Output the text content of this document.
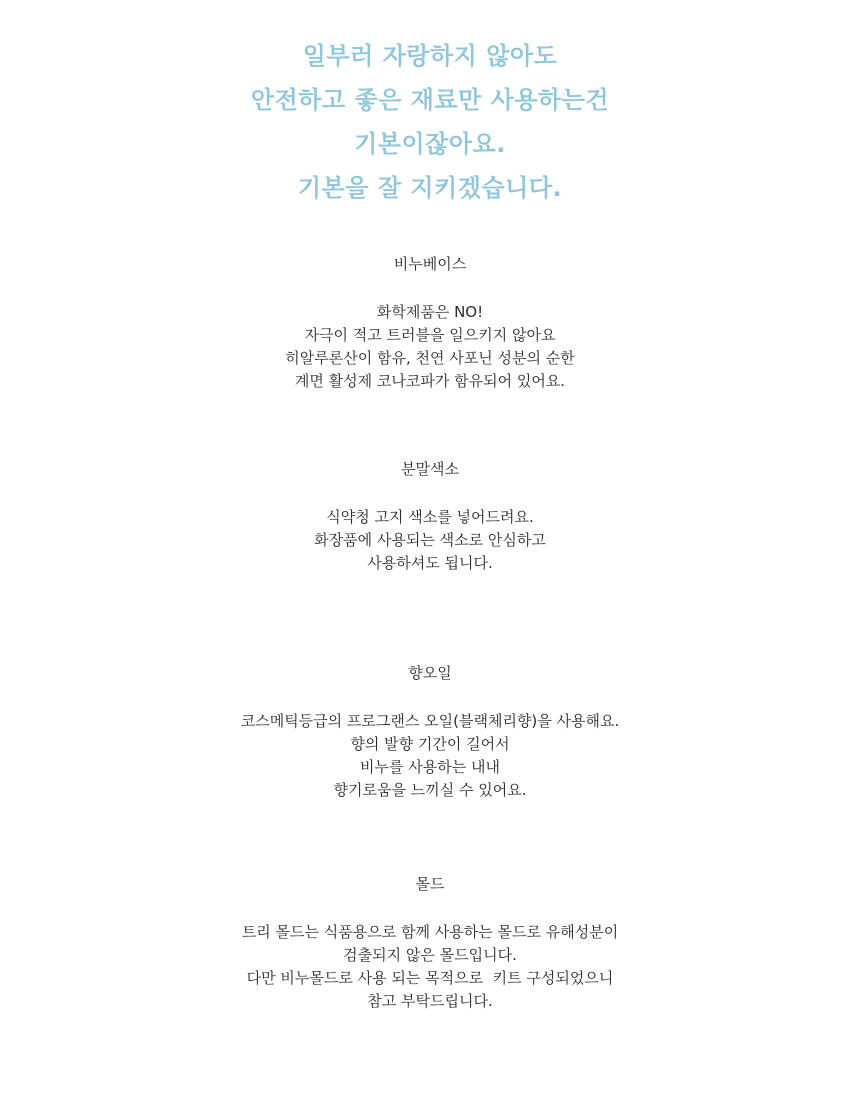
일부러 자랑하지 않아도
안전하고 좋은 재료만 사용하는건
기본이잖아요.
기본을 잘 지키겠습니다.
비누베이스
화학제품은 NO!
자극이 적고 트러블을 일으키지 않아요
히알루론산이 함유, 천연 사포닌 성분의 순한
계면 활성제 코나코파가 함유되어 있어요.
분말색소
식약청 고지 색소를 넣어드려요.
화장품에 사용되는 색소로 안심하고
사용하셔도 됩니다.
향오일
코스메틱등급의 프로그랜스 오일(블랙체리향)을 사용해요.
향의 발향 기간이 길어서
비누를 사용하는 내내
향기로움을 느끼실 수 있어요.
몰드
트리 몰드는 식품용으로 함께 사용하는 몰드로 유해성분이
검출되지 않은 몰드입니다.
다만 비누몰드로 사용 되는 목적으로  키트 구성되었으니
참고 부탁드립니다.
